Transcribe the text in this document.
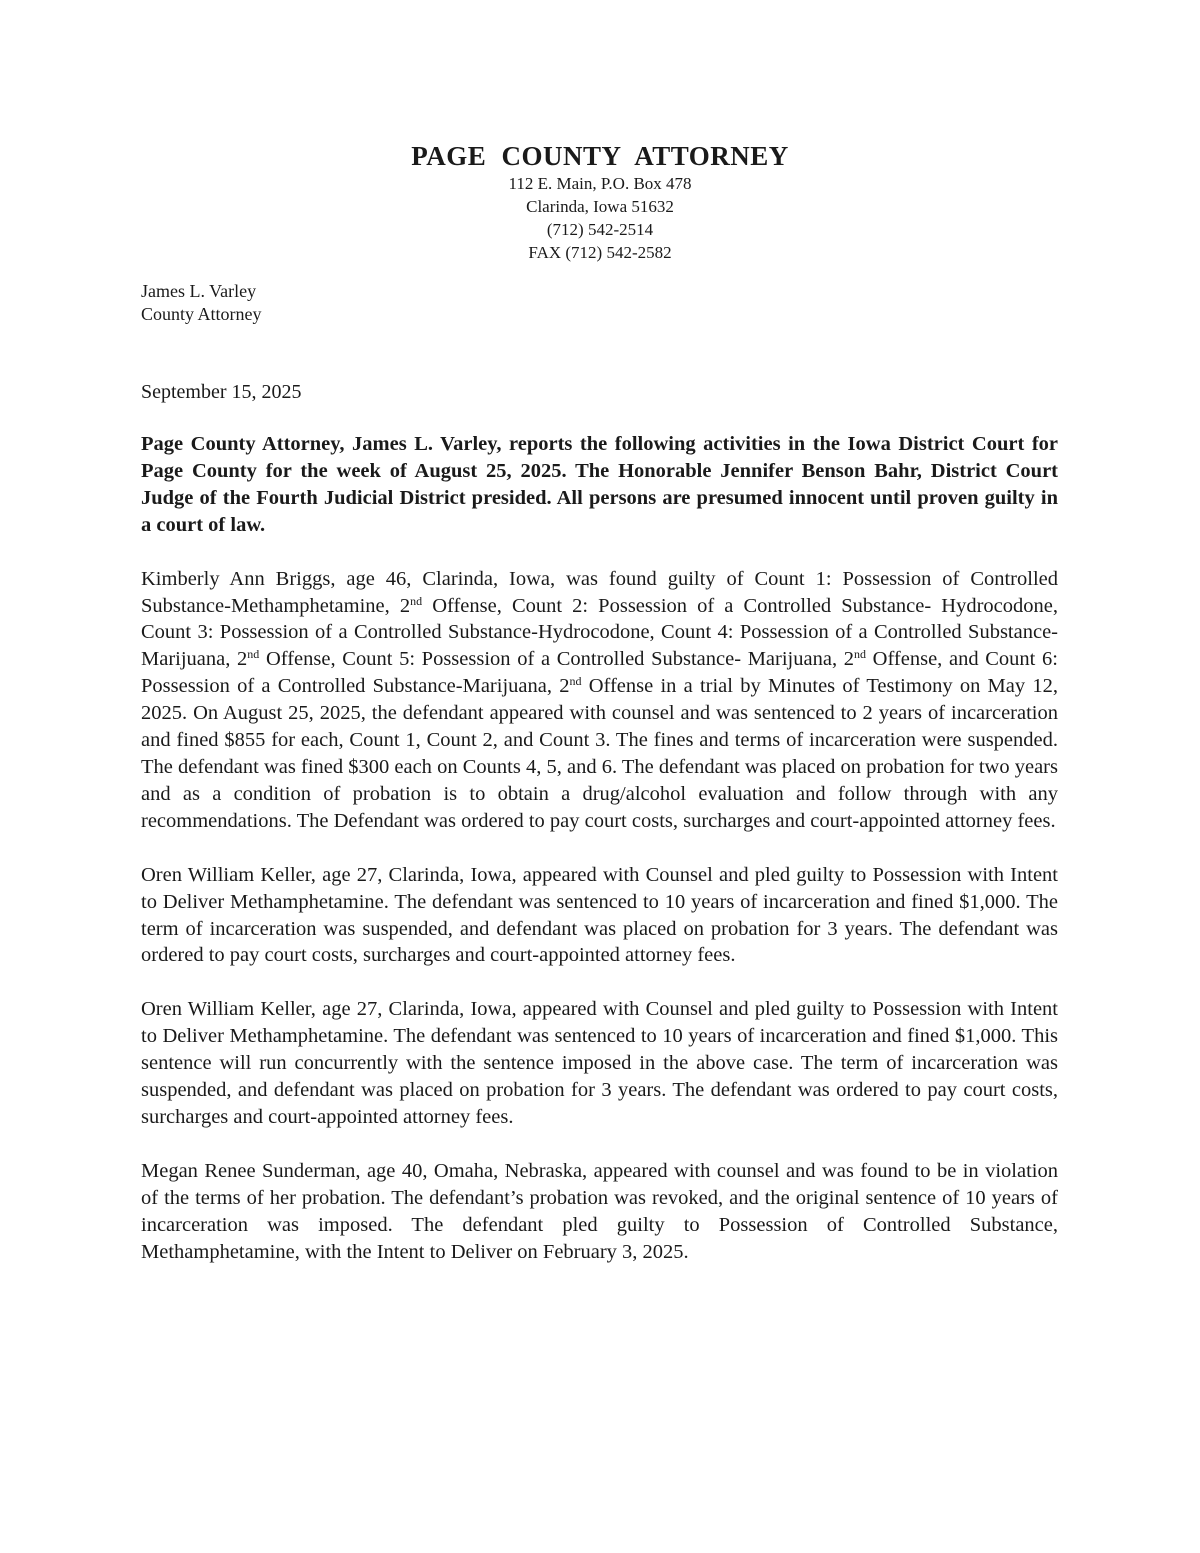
PAGE COUNTY ATTORNEY
112 E. Main, P.O. Box 478
Clarinda, Iowa 51632
(712) 542-2514
FAX (712) 542-2582
James L. Varley
County Attorney
September 15, 2025

Page County Attorney, James L. Varley, reports the following activities in the Iowa District Court for Page County for the week of August 25, 2025. The Honorable Jennifer Benson Bahr, District Court Judge of the Fourth Judicial District presided. All persons are presumed innocent until proven guilty in a court of law.

Kimberly Ann Briggs, age 46, Clarinda, Iowa, was found guilty of Count 1: Possession of Controlled Substance-Methamphetamine, 2nd Offense, Count 2: Possession of a Controlled Substance- Hydrocodone, Count 3: Possession of a Controlled Substance-Hydrocodone, Count 4: Possession of a Controlled Substance-Marijuana, 2nd Offense, Count 5: Possession of a Controlled Substance- Marijuana, 2nd Offense, and Count 6: Possession of a Controlled Substance-Marijuana, 2nd Offense in a trial by Minutes of Testimony on May 12, 2025. On August 25, 2025, the defendant appeared with counsel and was sentenced to 2 years of incarceration and fined $855 for each, Count 1, Count 2, and Count 3. The fines and terms of incarceration were suspended. The defendant was fined $300 each on Counts 4, 5, and 6. The defendant was placed on probation for two years and as a condition of probation is to obtain a drug/alcohol evaluation and follow through with any recommendations. The Defendant was ordered to pay court costs, surcharges and court-appointed attorney fees.

Oren William Keller, age 27, Clarinda, Iowa, appeared with Counsel and pled guilty to Possession with Intent to Deliver Methamphetamine. The defendant was sentenced to 10 years of incarceration and fined $1,000. The term of incarceration was suspended, and defendant was placed on probation for 3 years. The defendant was ordered to pay court costs, surcharges and court-appointed attorney fees.

Oren William Keller, age 27, Clarinda, Iowa, appeared with Counsel and pled guilty to Possession with Intent to Deliver Methamphetamine. The defendant was sentenced to 10 years of incarceration and fined $1,000. This sentence will run concurrently with the sentence imposed in the above case. The term of incarceration was suspended, and defendant was placed on probation for 3 years. The defendant was ordered to pay court costs, surcharges and court-appointed attorney fees.

Megan Renee Sunderman, age 40, Omaha, Nebraska, appeared with counsel and was found to be in violation of the terms of her probation. The defendant’s probation was revoked, and the original sentence of 10 years of incarceration was imposed. The defendant pled guilty to Possession of Controlled Substance, Methamphetamine, with the Intent to Deliver on February 3, 2025.
